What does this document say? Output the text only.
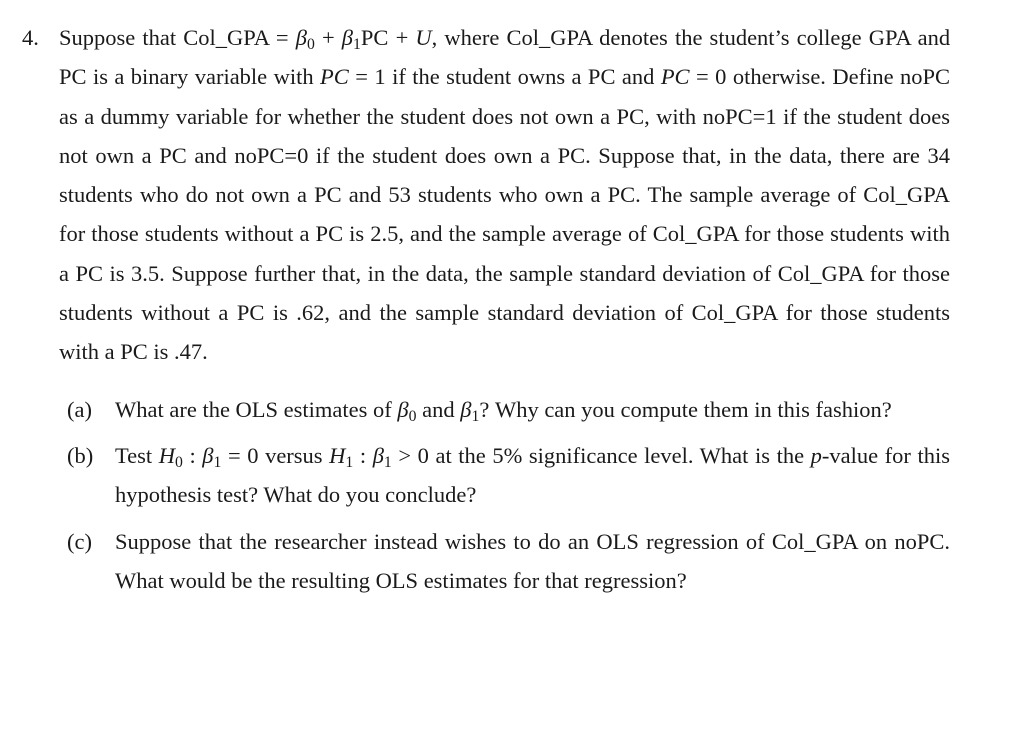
4. Suppose that Col_GPA = $\beta_0 + \beta_1PC + U$, where Col_GPA denotes the student’s college GPA and PC is a binary variable with PC = 1 if the student owns a PC and PC = 0 otherwise. Define noPC as a dummy variable for whether the student does not own a PC, with noPC=1 if the student does not own a PC and noPC=0 if the student does own a PC. Suppose that, in the data, there are 34 students who do not own a PC and 53 students who own a PC. The sample average of Col_GPA for those students without a PC is 2.5, and the sample average of Col_GPA for those students with a PC is 3.5. Suppose further that, in the data, the sample standard deviation of Col_GPA for those students without a PC is .62, and the sample standard deviation of Col_GPA for those students with a PC is .47.
(a) What are the OLS estimates of $\beta_0$ and $\beta_1$? Why can you compute them in this fashion?
(b) Test $H_0$ : $\beta_1 = 0$ versus $H_1$ : $\beta_1 > 0$ at the 5% significance level. What is the p-value for this hypothesis test? What do you conclude?
(c) Suppose that the researcher instead wishes to do an OLS regression of Col_GPA on noPC. What would be the resulting OLS estimates for that regression?
